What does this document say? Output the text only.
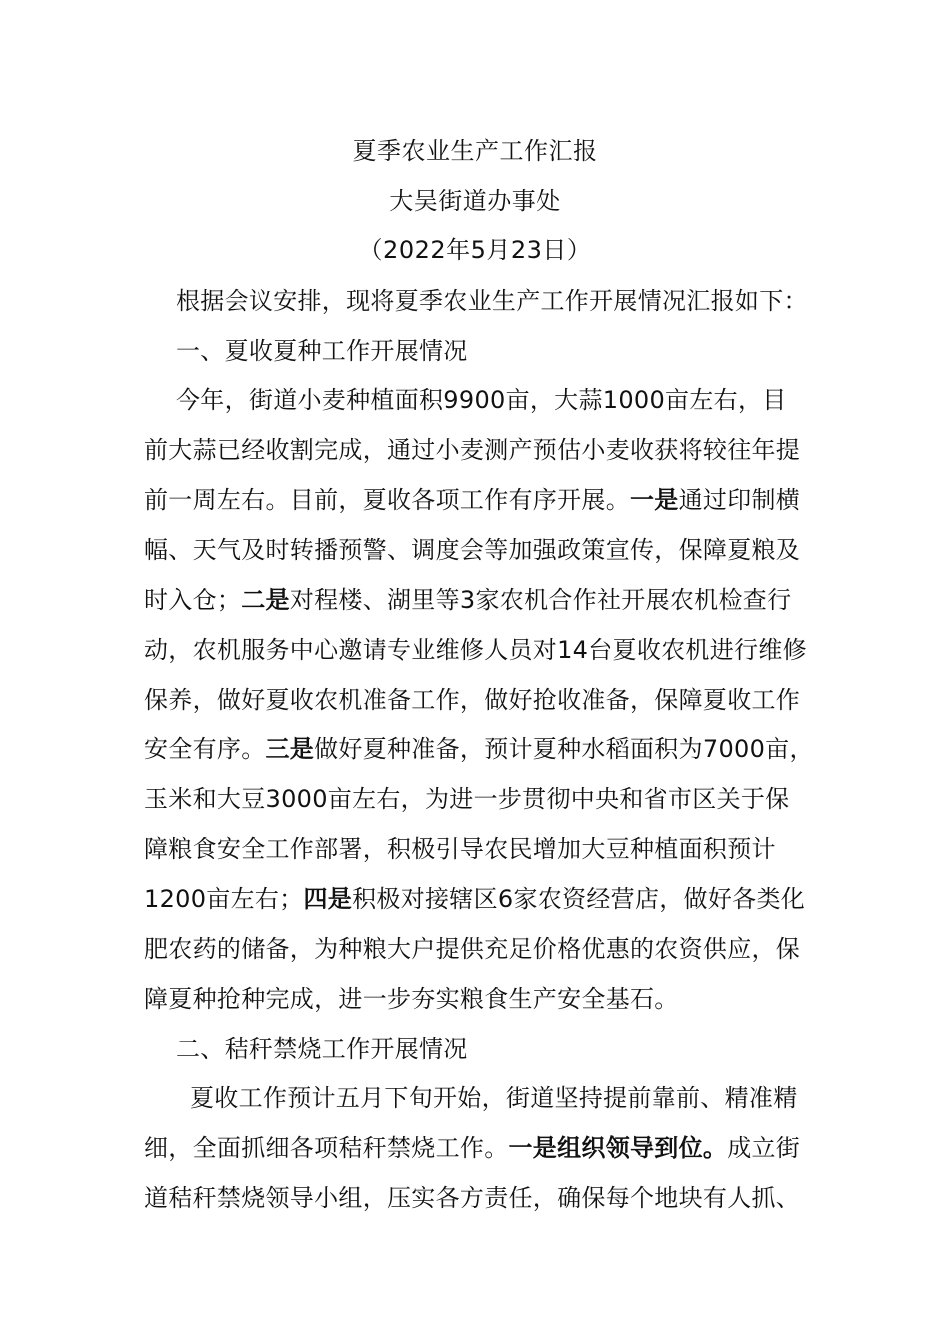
夏季农业生产工作汇报
大吴街道办事处
（2022年5月23日）
根据会议安排，现将夏季农业生产工作开展情况汇报如下：
一、夏收夏种工作开展情况
今年，街道小麦种植面积9900亩，大蒜1000亩左右，目
前大蒜已经收割完成，通过小麦测产预估小麦收获将较往年提
前一周左右。目前，夏收各项工作有序开展。一是通过印制横
幅、天气及时转播预警、调度会等加强政策宣传，保障夏粮及
时入仓；二是对程楼、湖里等3家农机合作社开展农机检查行
动，农机服务中心邀请专业维修人员对14台夏收农机进行维修
保养，做好夏收农机准备工作，做好抢收准备，保障夏收工作
安全有序。三是做好夏种准备，预计夏种水稻面积为7000亩，
玉米和大豆3000亩左右，为进一步贯彻中央和省市区关于保
障粮食安全工作部署，积极引导农民增加大豆种植面积预计
1200亩左右；四是积极对接辖区6家农资经营店，做好各类化
肥农药的储备，为种粮大户提供充足价格优惠的农资供应，保
障夏种抢种完成，进一步夯实粮食生产安全基石。
二、秸秆禁烧工作开展情况
夏收工作预计五月下旬开始，街道坚持提前靠前、精准精
细，全面抓细各项秸秆禁烧工作。一是组织领导到位。成立街
道秸秆禁烧领导小组，压实各方责任，确保每个地块有人抓、
